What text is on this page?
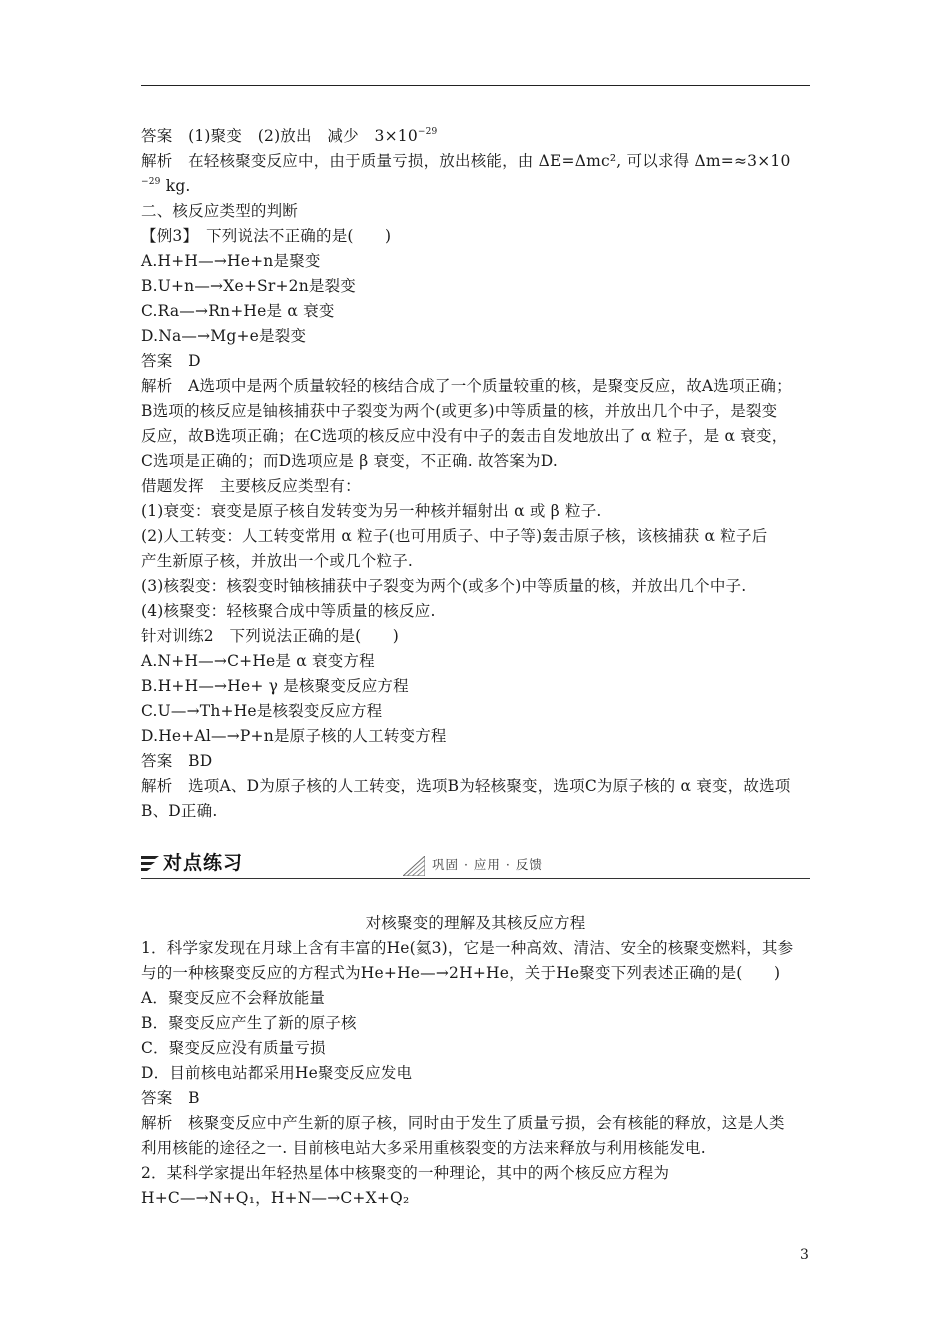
答案　(1)聚变　(2)放出　减少　$3\times 10^{-29}$
解析　在轻核聚变反应中，由于质量亏损，放出核能，由 ΔE=Δmc², 可以求得 Δm=≈3×10
$^{-29}$ kg.
二、核反应类型的判断
【例3】　下列说法不正确的是(　　)
A.H+H—→He+n是聚变
B.U+n—→Xe+Sr+2n是裂变
C.Ra—→Rn+He是 α 衰变
D.Na—→Mg+e是裂变
答案　D
解析　A选项中是两个质量较轻的核结合成了一个质量较重的核，是聚变反应，故A选项正确；
B选项的核反应是铀核捕获中子裂变为两个(或更多)中等质量的核，并放出几个中子，是裂变
反应，故B选项正确；在C选项的核反应中没有中子的轰击自发地放出了 α 粒子，是 α 衰变，
C选项是正确的；而D选项应是 β 衰变，不正确. 故答案为D.
借题发挥　主要核反应类型有：
(1)衰变：衰变是原子核自发转变为另一种核并辐射出 α 或 β 粒子.
(2)人工转变：人工转变常用 α 粒子(也可用质子、中子等)轰击原子核，该核捕获 α 粒子后
产生新原子核，并放出一个或几个粒子.
(3)核裂变：核裂变时铀核捕获中子裂变为两个(或多个)中等质量的核，并放出几个中子.
(4)核聚变：轻核聚合成中等质量的核反应.
针对训练2　下列说法正确的是(　　)
A.N+H—→C+He是 α 衰变方程
B.H+H—→He+ γ 是核聚变反应方程
C.U—→Th+He是核裂变反应方程
D.He+Al—→P+n是原子核的人工转变方程
答案　BD
解析　选项A、D为原子核的人工转变，选项B为轻核聚变，选项C为原子核的 α 衰变，故选项
B、D正确.
对核聚变的理解及其核反应方程
1．科学家发现在月球上含有丰富的He(氦3)，它是一种高效、清洁、安全的核聚变燃料，其参
与的一种核聚变反应的方程式为He+He—→2H+He，关于He聚变下列表述正确的是(　　)
A．聚变反应不会释放能量
B．聚变反应产生了新的原子核
C．聚变反应没有质量亏损
D．目前核电站都采用He聚变反应发电
答案　B
解析　核聚变反应中产生新的原子核，同时由于发生了质量亏损，会有核能的释放，这是人类
利用核能的途径之一. 目前核电站大多采用重核裂变的方法来释放与利用核能发电.
2．某科学家提出年轻热星体中核聚变的一种理论，其中的两个核反应方程为
H+C—→N+Q₁，H+N—→C+X+Q₂
对点练习	巩固 · 应用 · 反馈
3
